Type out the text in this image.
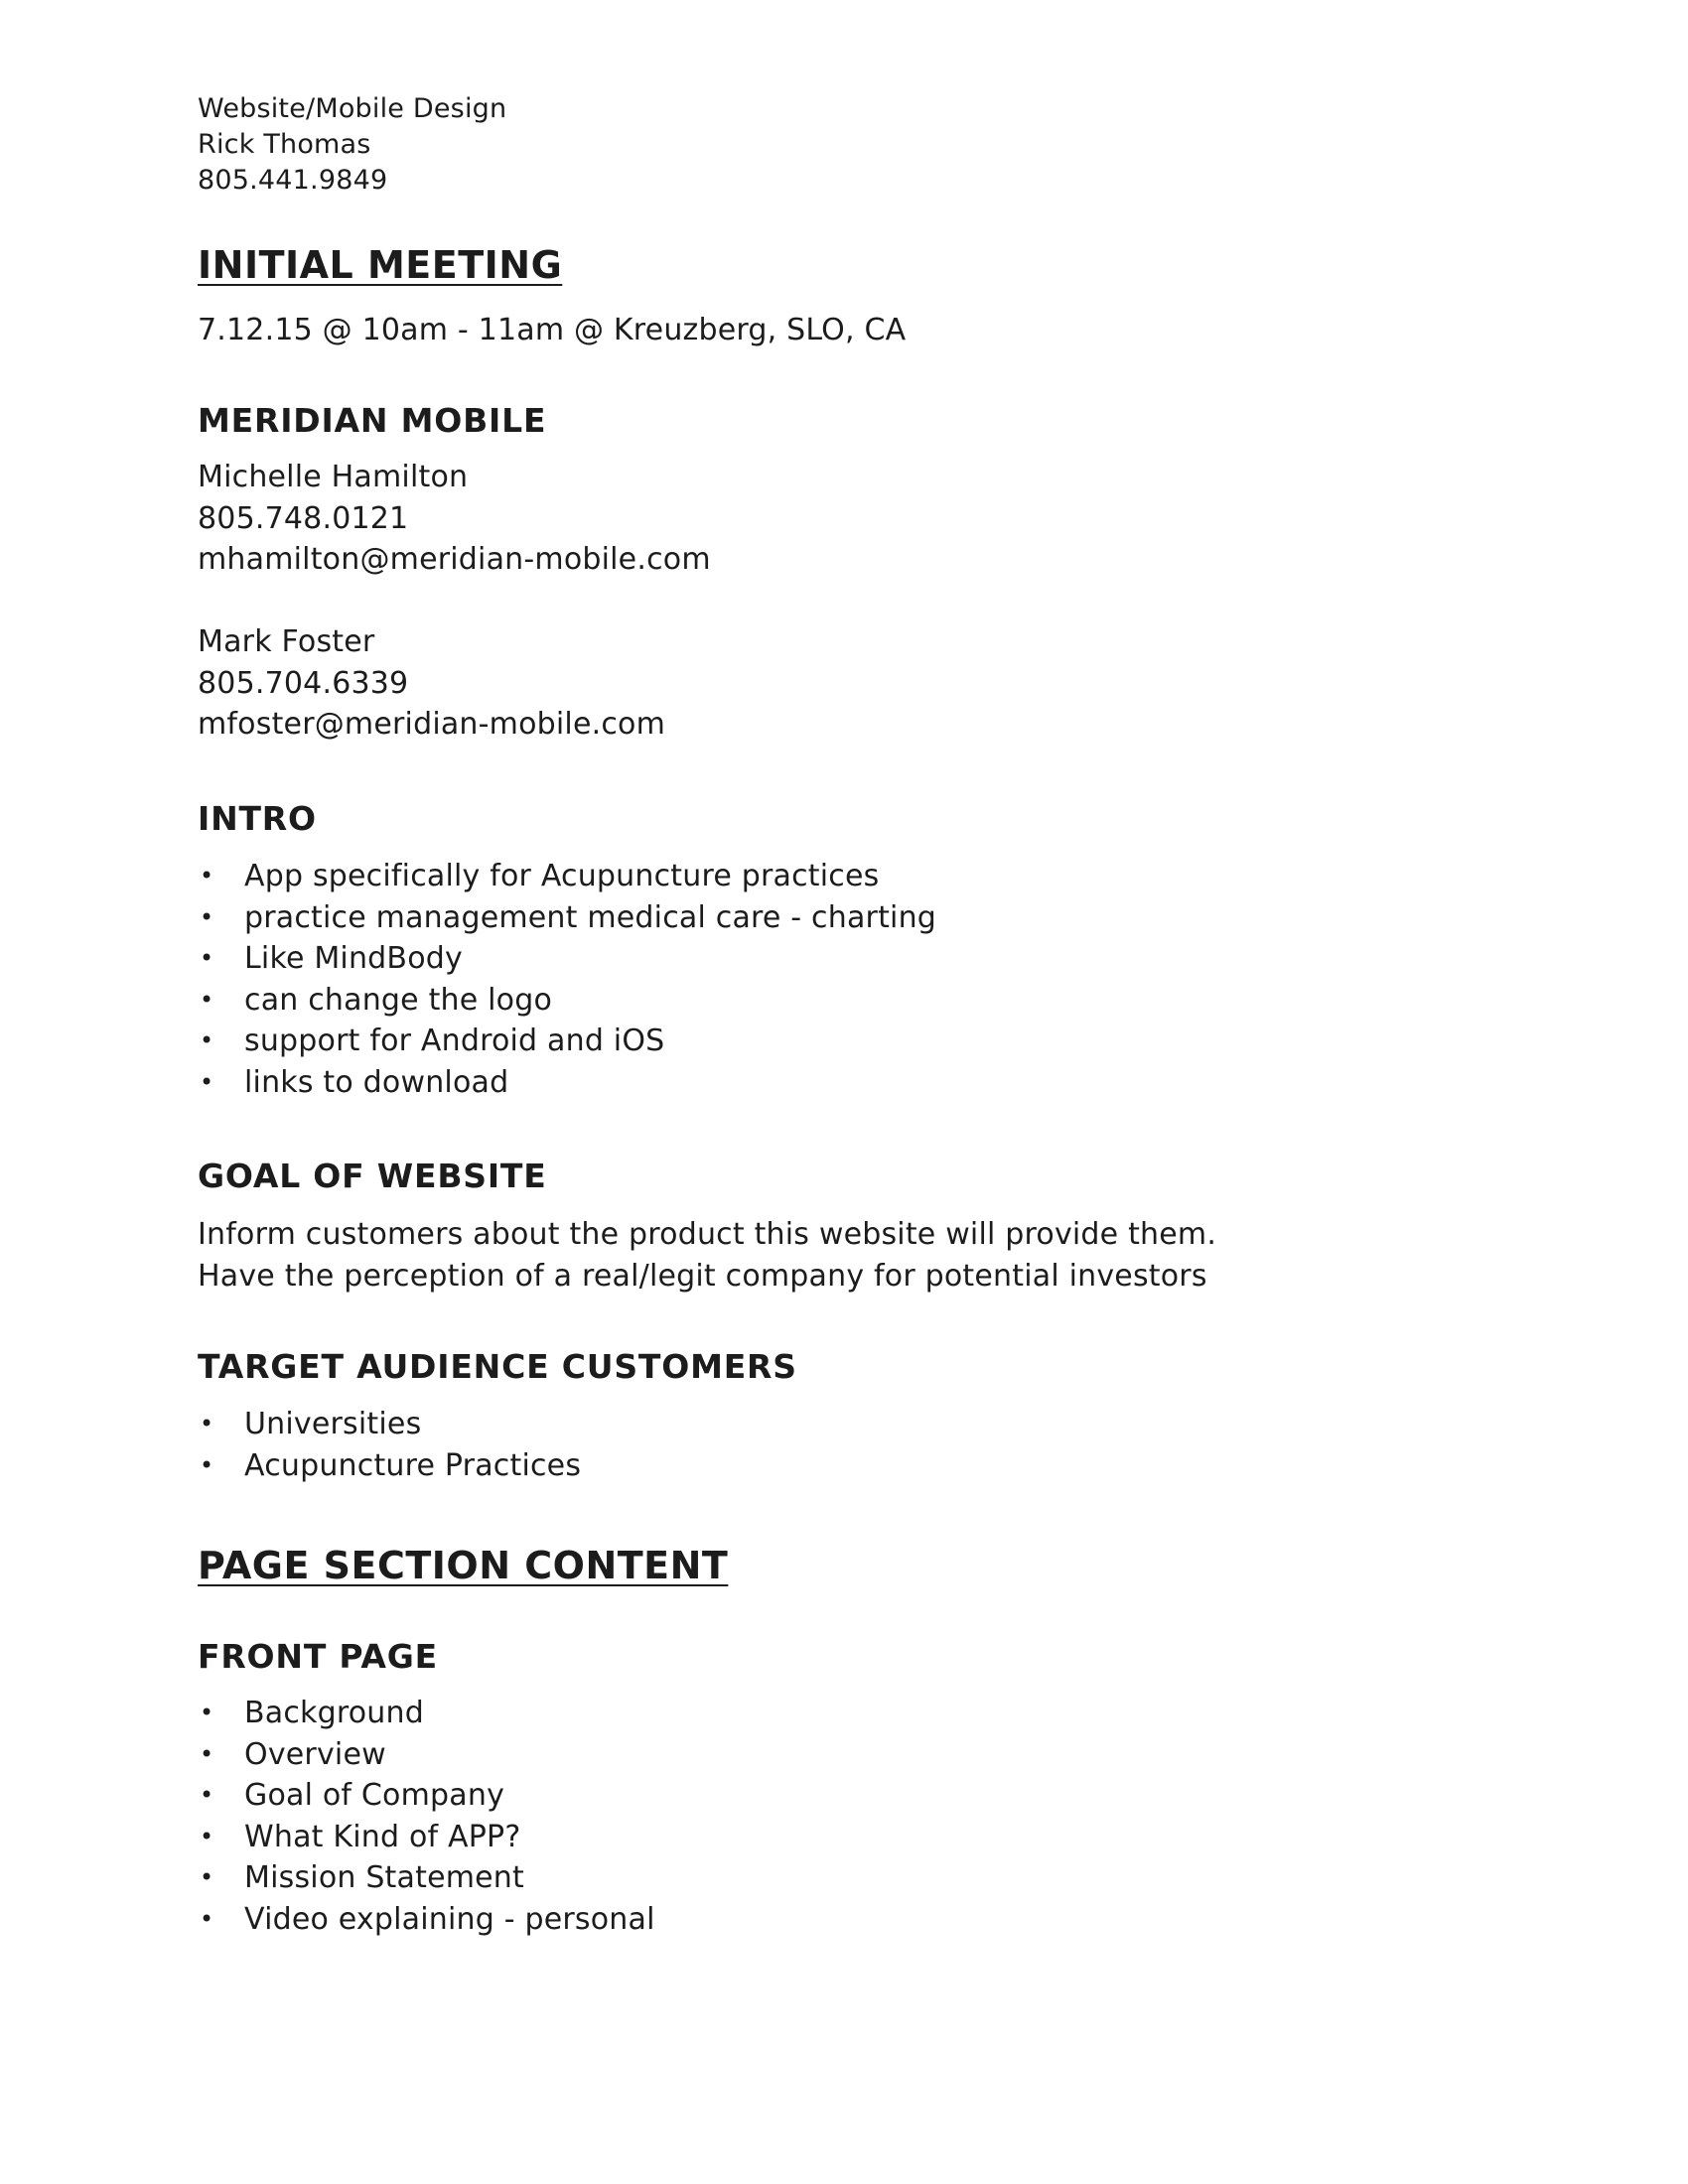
Website/Mobile Design
Rick Thomas
805.441.9849
INITIAL MEETING
7.12.15 @ 10am - 11am @ Kreuzberg, SLO, CA
MERIDIAN MOBILE
Michelle Hamilton
805.748.0121
mhamilton@meridian-mobile.com
Mark Foster
805.704.6339
mfoster@meridian-mobile.com
INTRO
• App specifically for Acupuncture practices
• practice management medical care - charting
• Like MindBody
• can change the logo
• support for Android and iOS
• links to download
GOAL OF WEBSITE
Inform customers about the product this website will provide them.
Have the perception of a real/legit company for potential investors
TARGET AUDIENCE CUSTOMERS
• Universities
• Acupuncture Practices
PAGE SECTION CONTENT
FRONT PAGE
• Background
• Overview
• Goal of Company
• What Kind of APP?
• Mission Statement
• Video explaining - personal
